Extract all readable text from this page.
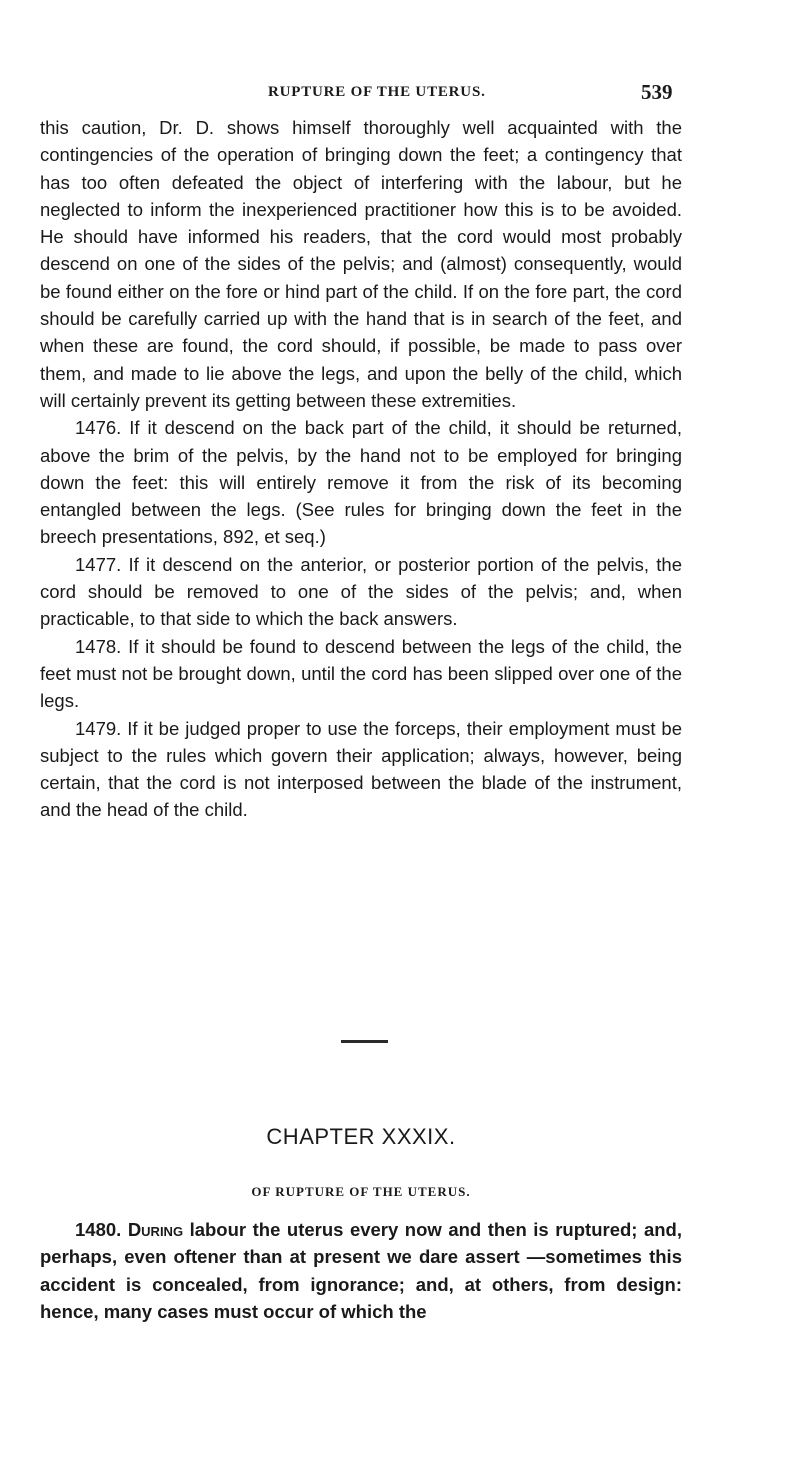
RUPTURE OF THE UTERUS.	539

this caution, Dr. D. shows himself thoroughly well acquainted with the contingencies of the operation of bringing down the feet; a contingency that has too often defeated the object of interfering with the labour, but he neglected to inform the inexperienced practitioner how this is to be avoided. He should have informed his readers, that the cord would most probably descend on one of the sides of the pelvis; and (almost) consequently, would be found either on the fore or hind part of the child. If on the fore part, the cord should be carefully carried up with the hand that is in search of the feet, and when these are found, the cord should, if possible, be made to pass over them, and made to lie above the legs, and upon the belly of the child, which will certainly prevent its getting between these extremities.

1476. If it descend on the back part of the child, it should be returned, above the brim of the pelvis, by the hand not to be employed for bringing down the feet: this will entirely remove it from the risk of its becoming entangled between the legs. (See rules for bringing down the feet in the breech presentations, 892, et seq.)

1477. If it descend on the anterior, or posterior portion of the pelvis, the cord should be removed to one of the sides of the pelvis; and, when practicable, to that side to which the back answers.

1478. If it should be found to descend between the legs of the child, the feet must not be brought down, until the cord has been slipped over one of the legs.

1479. If it be judged proper to use the forceps, their employment must be subject to the rules which govern their application; always, however, being certain, that the cord is not interposed between the blade of the instrument, and the head of the child.

CHAPTER XXXIX.
OF RUPTURE OF THE UTERUS.

1480. During labour the uterus every now and then is ruptured; and, perhaps, even oftener than at present we dare assert —sometimes this accident is concealed, from ignorance; and, at others, from design: hence, many cases must occur of which the
